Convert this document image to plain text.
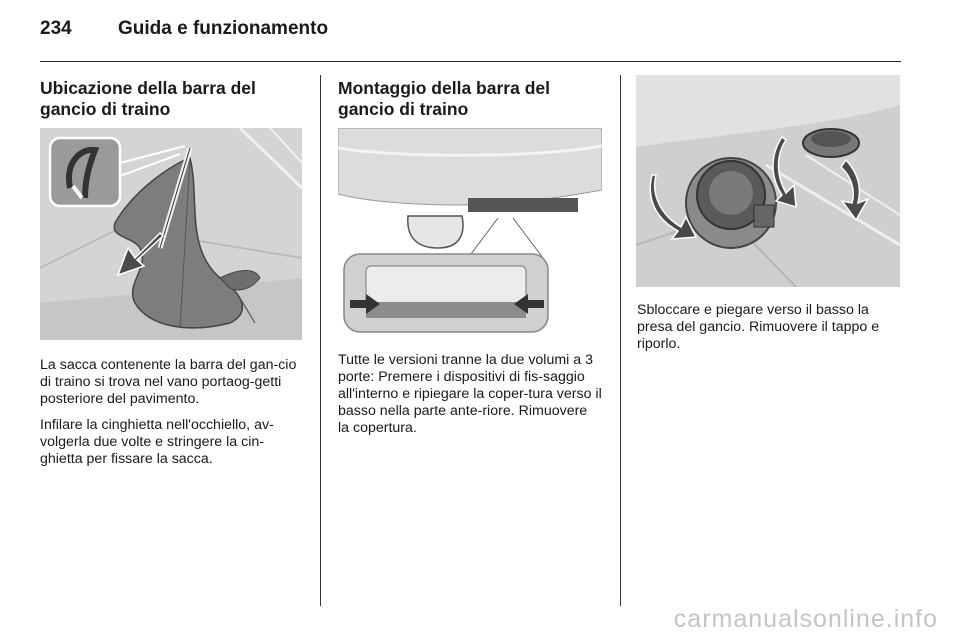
234 Guida e funzionamento
Ubicazione della barra del gancio di traino

La sacca contenente la barra del gan-cio di traino si trova nel vano portaog-getti posteriore del pavimento.

Infilare la cinghietta nell'occhiello, av-volgerla due volte e stringere la cin-ghietta per fissare la sacca.

Montaggio della barra del gancio di traino

Tutte le versioni tranne la due volumi a 3 porte: Premere i dispositivi di fis-saggio all'interno e ripiegare la coper-tura verso il basso nella parte ante-riore. Rimuovere la copertura.

Sbloccare e piegare verso il basso la presa del gancio. Rimuovere il tappo e riporlo.

carmanualsonline.info
